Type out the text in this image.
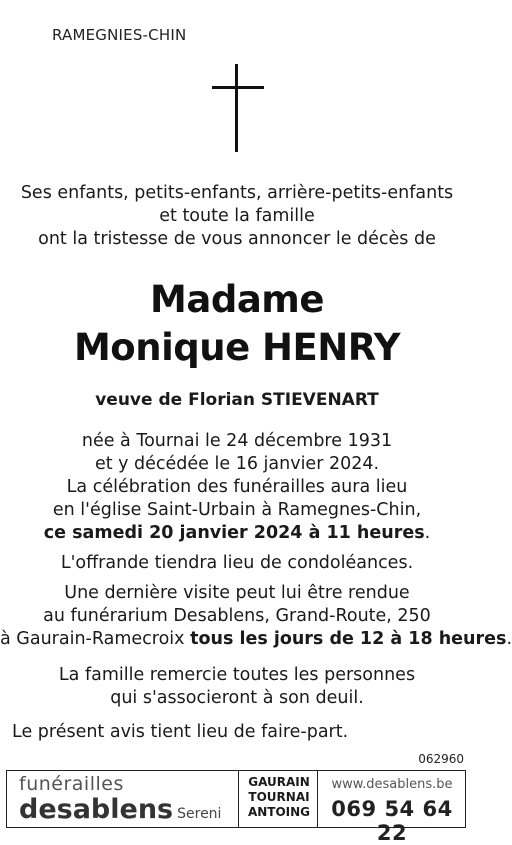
RAMEGNIES-CHIN
Ses enfants, petits-enfants, arrière-petits-enfants
et toute la famille
ont la tristesse de vous annoncer le décès de
Madame
Monique HENRY
veuve de Florian STIEVENART
née à Tournai le 24 décembre 1931
et y décédée le 16 janvier 2024.
La célébration des funérailles aura lieu
en l'église Saint-Urbain à Ramegnes-Chin,
ce samedi 20 janvier 2024 à 11 heures.
L'offrande tiendra lieu de condoléances.
Une dernière visite peut lui être rendue
au funérarium Desablens, Grand-Route, 250
à Gaurain-Ramecroix tous les jours de 12 à 18 heures.
La famille remercie toutes les personnes
qui s'associeront à son deuil.
Le présent avis tient lieu de faire-part.
062960
funérailles
desablens Sereni
GAURAIN
TOURNAI
ANTOING
www.desablens.be
069 54 64 22
